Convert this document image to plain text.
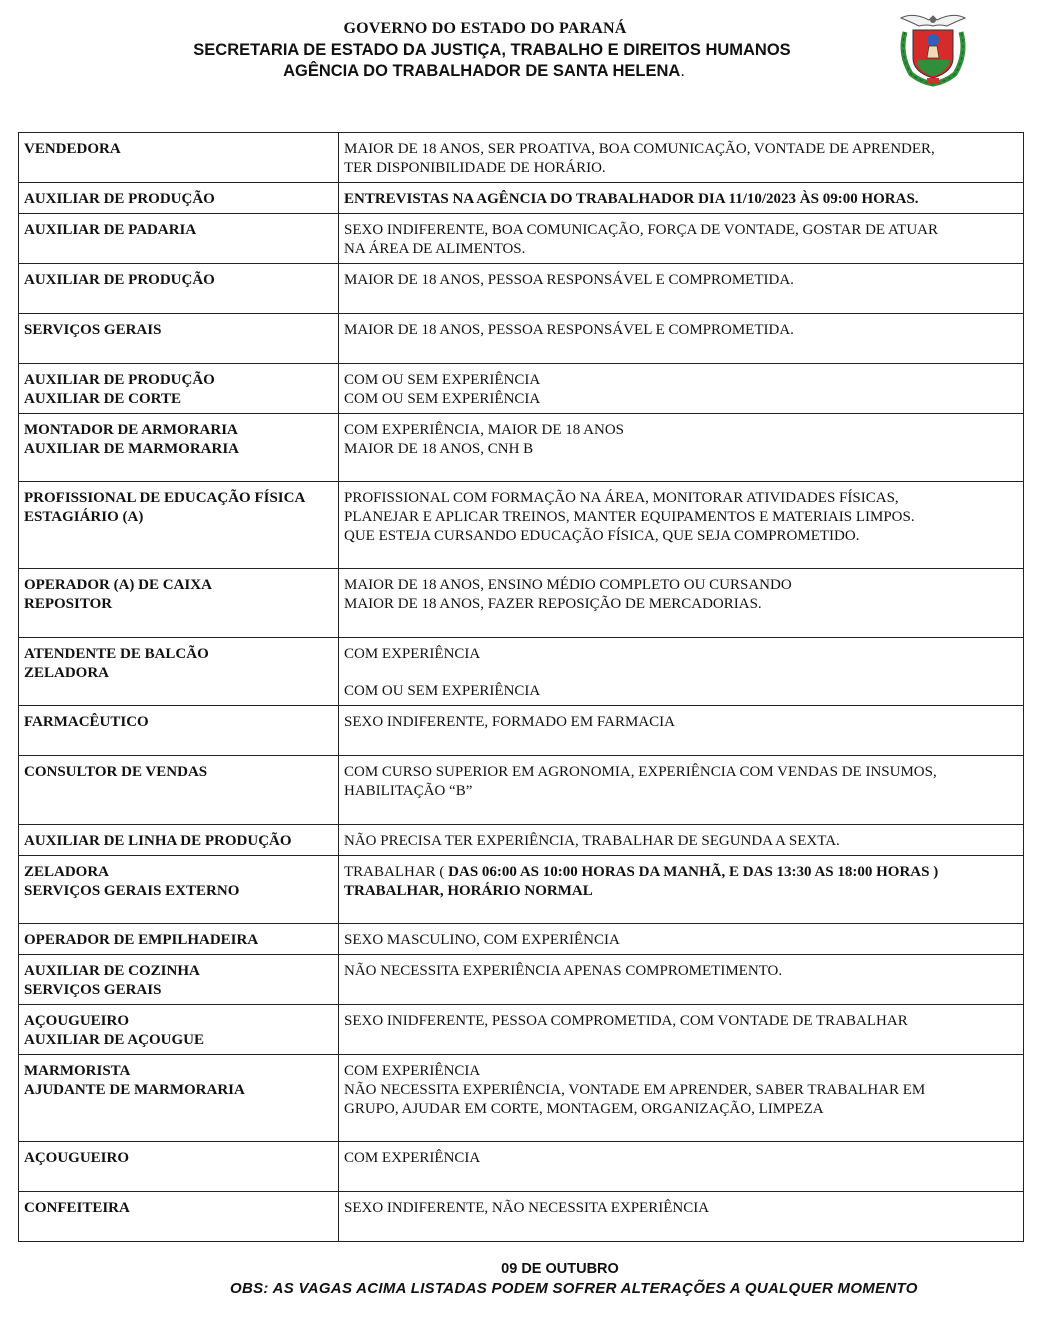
GOVERNO DO ESTADO DO PARANÁ
SECRETARIA DE ESTADO DA JUSTIÇA, TRABALHO E DIREITOS HUMANOS
AGÊNCIA DO TRABALHADOR DE SANTA HELENA.
VENDEDORA	MAIOR DE 18 ANOS, SER PROATIVA, BOA COMUNICAÇÃO, VONTADE DE APRENDER,
TER DISPONIBILIDADE DE HORÁRIO.

AUXILIAR DE PRODUÇÃO	ENTREVISTAS NA AGÊNCIA DO TRABALHADOR DIA 11/10/2023 ÀS 09:00 HORAS.

AUXILIAR DE PADARIA	SEXO INDIFERENTE, BOA COMUNICAÇÃO, FORÇA DE VONTADE, GOSTAR DE ATUAR
NA ÁREA DE ALIMENTOS.

AUXILIAR DE PRODUÇÃO	MAIOR DE 18 ANOS, PESSOA RESPONSÁVEL E COMPROMETIDA.

SERVIÇOS GERAIS	MAIOR DE 18 ANOS, PESSOA RESPONSÁVEL E COMPROMETIDA.

AUXILIAR DE PRODUÇÃO
AUXILIAR DE CORTE	COM OU SEM EXPERIÊNCIA
COM OU SEM EXPERIÊNCIA

MONTADOR DE ARMORARIA
AUXILIAR DE MARMORARIA	COM EXPERIÊNCIA, MAIOR DE 18 ANOS
MAIOR DE 18 ANOS, CNH B

PROFISSIONAL DE EDUCAÇÃO FÍSICA
ESTAGIÁRIO (A)	PROFISSIONAL COM FORMAÇÃO NA ÁREA, MONITORAR ATIVIDADES FÍSICAS,
PLANEJAR E APLICAR TREINOS, MANTER EQUIPAMENTOS E MATERIAIS LIMPOS.
QUE ESTEJA CURSANDO EDUCAÇÃO FÍSICA, QUE SEJA COMPROMETIDO.

OPERADOR (A) DE CAIXA
REPOSITOR	MAIOR DE 18 ANOS, ENSINO MÉDIO COMPLETO OU CURSANDO
MAIOR DE 18 ANOS, FAZER REPOSIÇÃO DE MERCADORIAS.

ATENDENTE DE BALCÃO
ZELADORA	COM EXPERIÊNCIA
COM OU SEM EXPERIÊNCIA

FARMACÊUTICO	SEXO INDIFERENTE, FORMADO EM FARMACIA

CONSULTOR DE VENDAS	COM CURSO SUPERIOR EM AGRONOMIA, EXPERIÊNCIA COM VENDAS DE INSUMOS,
HABILITAÇÃO “B”

AUXILIAR DE LINHA DE PRODUÇÃO	NÃO PRECISA TER EXPERIÊNCIA, TRABALHAR DE SEGUNDA A SEXTA.

ZELADORA
SERVIÇOS GERAIS EXTERNO	TRABALHAR ( DAS 06:00 AS 10:00 HORAS DA MANHÃ, E DAS 13:30 AS 18:00 HORAS )
TRABALHAR, HORÁRIO NORMAL

OPERADOR DE EMPILHADEIRA	SEXO MASCULINO, COM EXPERIÊNCIA

AUXILIAR DE COZINHA
SERVIÇOS GERAIS	NÃO NECESSITA EXPERIÊNCIA APENAS COMPROMETIMENTO.

AÇOUGUEIRO
AUXILIAR DE AÇOUGUE	SEXO INIDFERENTE, PESSOA COMPROMETIDA, COM VONTADE DE TRABALHAR

MARMORISTA
AJUDANTE DE MARMORARIA	COM EXPERIÊNCIA
NÃO NECESSITA EXPERIÊNCIA, VONTADE EM APRENDER, SABER TRABALHAR EM
GRUPO, AJUDAR EM CORTE, MONTAGEM, ORGANIZAÇÃO, LIMPEZA

AÇOUGUEIRO	COM EXPERIÊNCIA

CONFEITEIRA	SEXO INDIFERENTE, NÃO NECESSITA EXPERIÊNCIA
09 DE OUTUBRO
OBS: AS VAGAS ACIMA LISTADAS PODEM SOFRER ALTERAÇÕES A QUALQUER MOMENTO
